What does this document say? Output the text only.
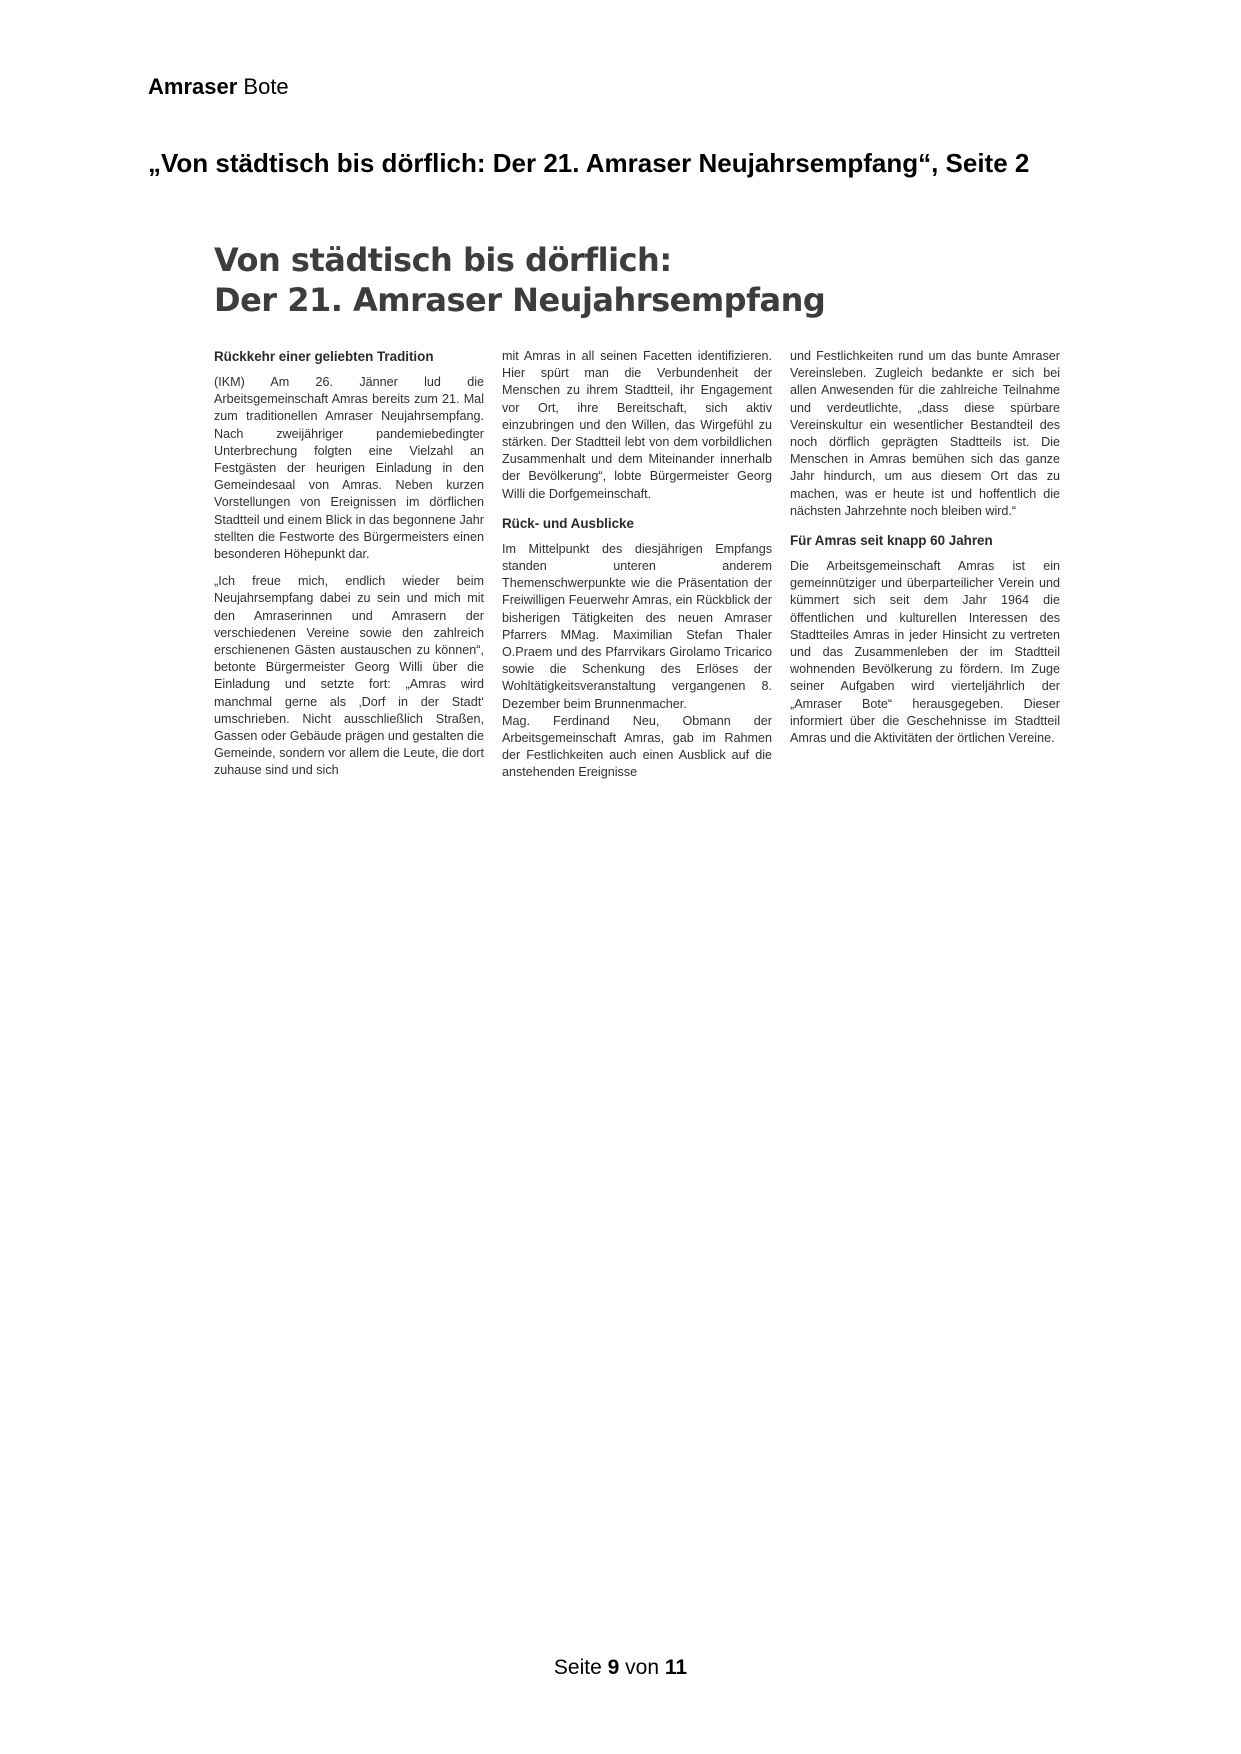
Amraser Bote
„Von städtisch bis dörflich: Der 21. Amraser Neujahrsempfang“, Seite 2
Von städtisch bis dörflich:
Der 21. Amraser Neujahrsempfang
Rückkehr einer geliebten Tradition

(IKM) Am 26. Jänner lud die Arbeitsgemeinschaft Amras bereits zum 21. Mal zum traditionellen Amraser Neujahrsempfang. Nach zweijähriger pandemiebedingter Unterbrechung folgten eine Vielzahl an Festgästen der heurigen Einladung in den Gemeindesaal von Amras. Neben kurzen Vorstellungen von Ereignissen im dörflichen Stadtteil und einem Blick in das begonnene Jahr stellten die Festworte des Bürgermeisters einen besonderen Höhepunkt dar.

„Ich freue mich, endlich wieder beim Neujahrsempfang dabei zu sein und mich mit den Amraserinnen und Amrasern der verschiedenen Vereine sowie den zahlreich erschienenen Gästen austauschen zu können“, betonte Bürgermeister Georg Willi über die Einladung und setzte fort: „Amras wird manchmal gerne als ‚Dorf in der Stadt‘ umschrieben. Nicht ausschließlich Straßen, Gassen oder Gebäude prägen und gestalten die Gemeinde, sondern vor allem die Leute, die dort zuhause sind und sich

mit Amras in all seinen Facetten identifizieren. Hier spürt man die Verbundenheit der Menschen zu ihrem Stadtteil, ihr Engagement vor Ort, ihre Bereitschaft, sich aktiv einzubringen und den Willen, das Wirgefühl zu stärken. Der Stadtteil lebt von dem vorbildlichen Zusammenhalt und dem Miteinander innerhalb der Bevölkerung“, lobte Bürgermeister Georg Willi die Dorfgemeinschaft.

Rück- und Ausblicke

Im Mittelpunkt des diesjährigen Empfangs standen unteren anderem Themenschwerpunkte wie die Präsentation der Freiwilligen Feuerwehr Amras, ein Rückblick der bisherigen Tätigkeiten des neuen Amraser Pfarrers MMag. Maximilian Stefan Thaler O.Praem und des Pfarrvikars Girolamo Tricarico sowie die Schenkung des Erlöses der Wohltätigkeitsveranstaltung vergangenen 8. Dezember beim Brunnenmacher.

Mag. Ferdinand Neu, Obmann der Arbeitsgemeinschaft Amras, gab im Rahmen der Festlichkeiten auch einen Ausblick auf die anstehenden Ereignisse

und Festlichkeiten rund um das bunte Amraser Vereinsleben. Zugleich bedankte er sich bei allen Anwesenden für die zahlreiche Teilnahme und verdeutlichte, „dass diese spürbare Vereinskultur ein wesentlicher Bestandteil des noch dörflich geprägten Stadtteils ist. Die Menschen in Amras bemühen sich das ganze Jahr hindurch, um aus diesem Ort das zu machen, was er heute ist und hoffentlich die nächsten Jahrzehnte noch bleiben wird.“

Für Amras seit knapp 60 Jahren

Die Arbeitsgemeinschaft Amras ist ein gemeinnütziger und überparteilicher Verein und kümmert sich seit dem Jahr 1964 die öffentlichen und kulturellen Interessen des Stadtteiles Amras in jeder Hinsicht zu vertreten und das Zusammenleben der im Stadtteil wohnenden Bevölkerung zu fördern. Im Zuge seiner Aufgaben wird vierteljährlich der „Amraser Bote“ herausgegeben. Dieser informiert über die Geschehnisse im Stadtteil Amras und die Aktivitäten der örtlichen Vereine.

Seite 9 von 11
